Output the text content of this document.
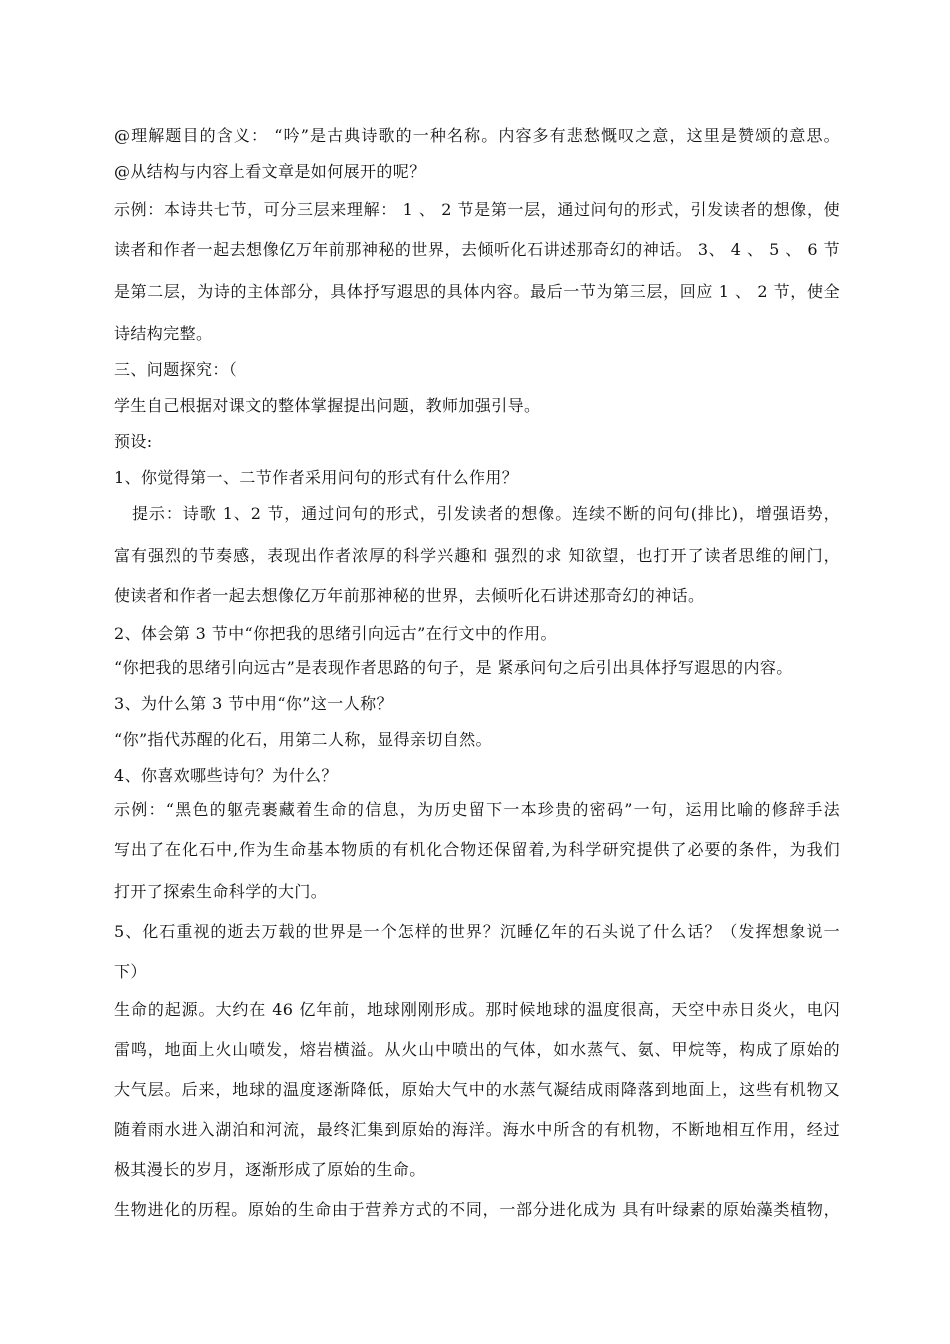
@理解题目的含义： “吟”是古典诗歌的一种名称。内容多有悲愁慨叹之意，这里是赞颂的意思。
@从结构与内容上看文章是如何展开的呢？
示例：本诗共七节，可分三层来理解： 1 、 2 节是第一层，通过问句的形式，引发读者的想像，使
读者和作者一起去想像亿万年前那神秘的世界，去倾听化石讲述那奇幻的神话。 3、 4 、 5 、 6 节
是第二层，为诗的主体部分，具体抒写遐思的具体内容。最后一节为第三层，回应 1 、 2 节，使全
诗结构完整。
三、问题探究：（
学生自己根据对课文的整体掌握提出问题，教师加强引导。
预设:
1、你觉得第一、二节作者采用问句的形式有什么作用？
提示：诗歌 1、2 节，通过问句的形式，引发读者的想像。连续不断的问句(排比)，增强语势，
富有强烈的节奏感，表现出作者浓厚的科学兴趣和 强烈的求 知欲望，也打开了读者思维的闸门，
使读者和作者一起去想像亿万年前那神秘的世界，去倾听化石讲述那奇幻的神话。
2、体会第 3 节中“你把我的思绪引向远古”在行文中的作用。
“你把我的思绪引向远古”是表现作者思路的句子，是 紧承问句之后引出具体抒写遐思的内容。
3、为什么第 3 节中用“你”这一人称？
“你”指代苏醒的化石，用第二人称，显得亲切自然。
4、你喜欢哪些诗句？为什么？
示例：“黑色的躯壳裹藏着生命的信息，为历史留下一本珍贵的密码”一句，运用比喻的修辞手法
写出了在化石中,作为生命基本物质的有机化合物还保留着,为科学研究提供了必要的条件，为我们
打开了探索生命科学的大门。
5、化石重视的逝去万载的世界是一个怎样的世界？沉睡亿年的石头说了什么话？（发挥想象说一
下）
生命的起源。大约在 46 亿年前，地球刚刚形成。那时候地球的温度很高，天空中赤日炎火，电闪
雷鸣，地面上火山喷发，熔岩横溢。从火山中喷出的气体，如水蒸气、氨、甲烷等，构成了原始的
大气层。后来，地球的温度逐渐降低，原始大气中的水蒸气凝结成雨降落到地面上，这些有机物又
随着雨水进入湖泊和河流，最终汇集到原始的海洋。海水中所含的有机物，不断地相互作用，经过
极其漫长的岁月，逐渐形成了原始的生命。
生物进化的历程。原始的生命由于营养方式的不同，一部分进化成为 具有叶绿素的原始藻类植物，
